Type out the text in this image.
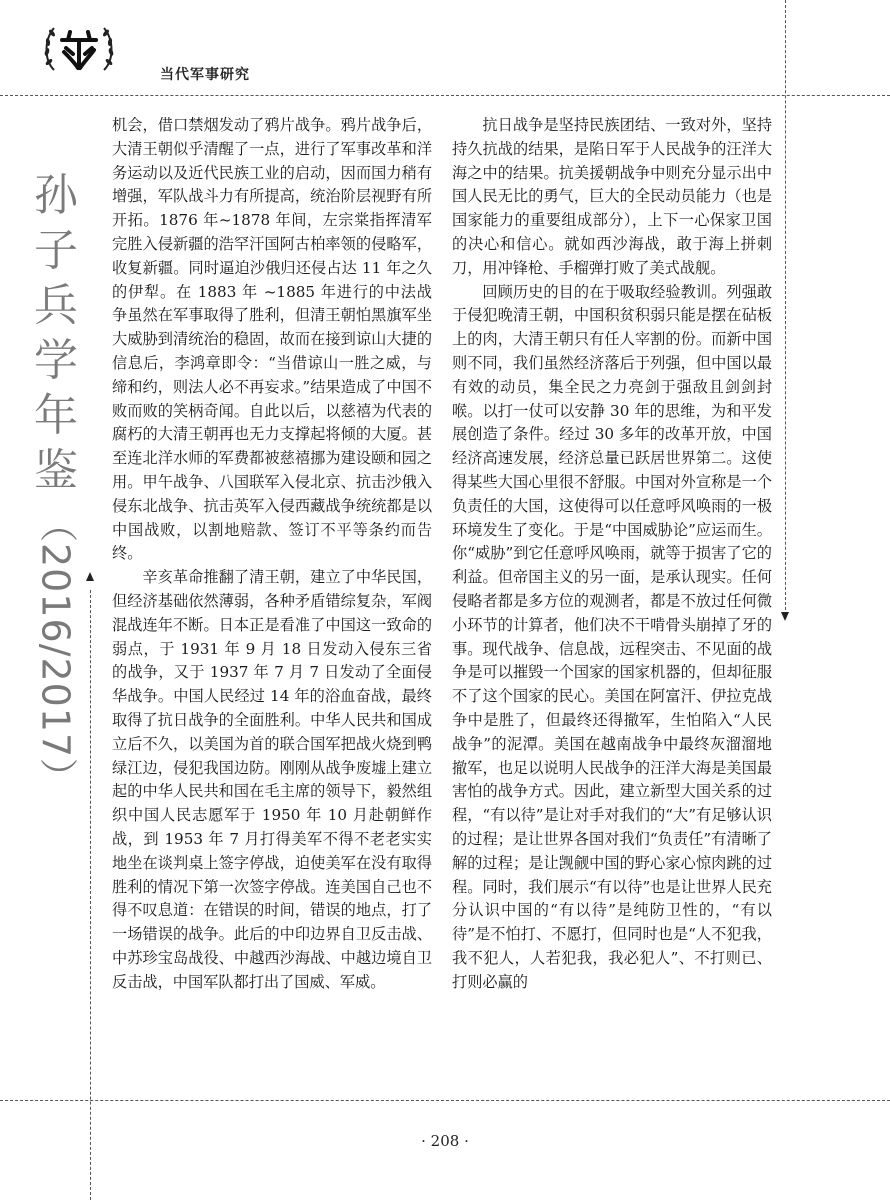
当代军事研究
孙
子
兵
学
年
鉴
（2016/2017）

机会，借口禁烟发动了鸦片战争。鸦片战争后，大清王朝似乎清醒了一点，进行了军事改革和洋务运动以及近代民族工业的启动，因而国力稍有增强，军队战斗力有所提高，统治阶层视野有所开拓。1876 年~1878 年间，左宗棠指挥清军完胜入侵新疆的浩罕汗国阿古柏率领的侵略军，收复新疆。同时逼迫沙俄归还侵占达 11 年之久的伊犁。在 1883 年 ~1885 年进行的中法战争虽然在军事取得了胜利，但清王朝怕黑旗军坐大威胁到清统治的稳固，故而在接到谅山大捷的信息后，李鸿章即令：“当借谅山一胜之威，与缔和约，则法人必不再妄求。”结果造成了中国不败而败的笑柄奇闻。自此以后，以慈禧为代表的腐朽的大清王朝再也无力支撑起将倾的大厦。甚至连北洋水师的军费都被慈禧挪为建设颐和园之用。甲午战争、八国联军入侵北京、抗击沙俄入侵东北战争、抗击英军入侵西藏战争统统都是以中国战败，以割地赔款、签订不平等条约而告终。

辛亥革命推翻了清王朝，建立了中华民国，但经济基础依然薄弱，各种矛盾错综复杂，军阀混战连年不断。日本正是看准了中国这一致命的弱点，于 1931 年 9 月 18 日发动入侵东三省的战争，又于 1937 年 7 月 7 日发动了全面侵华战争。中国人民经过 14 年的浴血奋战，最终取得了抗日战争的全面胜利。中华人民共和国成立后不久，以美国为首的联合国军把战火烧到鸭绿江边，侵犯我国边防。刚刚从战争废墟上建立起的中华人民共和国在毛主席的领导下，毅然组织中国人民志愿军于 1950 年 10 月赴朝鲜作战，到 1953 年 7 月打得美军不得不老老实实地坐在谈判桌上签字停战，迫使美军在没有取得胜利的情况下第一次签字停战。连美国自己也不得不叹息道：在错误的时间，错误的地点，打了一场错误的战争。此后的中印边界自卫反击战、中苏珍宝岛战役、中越西沙海战、中越边境自卫反击战，中国军队都打出了国威、军威。

抗日战争是坚持民族团结、一致对外，坚持持久抗战的结果，是陷日军于人民战争的汪洋大海之中的结果。抗美援朝战争中则充分显示出中国人民无比的勇气，巨大的全民动员能力（也是国家能力的重要组成部分），上下一心保家卫国的决心和信心。就如西沙海战，敢于海上拼刺刀，用冲锋枪、手榴弹打败了美式战舰。

回顾历史的目的在于吸取经验教训。列强敢于侵犯晚清王朝，中国积贫积弱只能是摆在砧板上的肉，大清王朝只有任人宰割的份。而新中国则不同，我们虽然经济落后于列强，但中国以最有效的动员，集全民之力亮剑于强敌且剑剑封喉。以打一仗可以安静 30 年的思维，为和平发展创造了条件。经过 30 多年的改革开放，中国经济高速发展，经济总量已跃居世界第二。这使得某些大国心里很不舒服。中国对外宣称是一个负责任的大国，这使得可以任意呼风唤雨的一极环境发生了变化。于是“中国威胁论”应运而生。你“威胁”到它任意呼风唤雨，就等于损害了它的利益。但帝国主义的另一面，是承认现实。任何侵略者都是多方位的观测者，都是不放过任何微小环节的计算者，他们决不干啃骨头崩掉了牙的事。现代战争、信息战，远程突击、不见面的战争是可以摧毁一个国家的国家机器的，但却征服不了这个国家的民心。美国在阿富汗、伊拉克战争中是胜了，但最终还得撤军，生怕陷入“人民战争”的泥潭。美国在越南战争中最终灰溜溜地撤军，也足以说明人民战争的汪洋大海是美国最害怕的战争方式。因此，建立新型大国关系的过程，“有以待”是让对手对我们的“大”有足够认识的过程；是让世界各国对我们“负责任”有清晰了解的过程；是让觊觎中国的野心家心惊肉跳的过程。同时，我们展示“有以待”也是让世界人民充分认识中国的“有以待”是纯防卫性的，“有以待”是不怕打、不愿打，但同时也是“人不犯我，我不犯人，人若犯我，我必犯人”、不打则已、打则必赢的

· 208 ·
